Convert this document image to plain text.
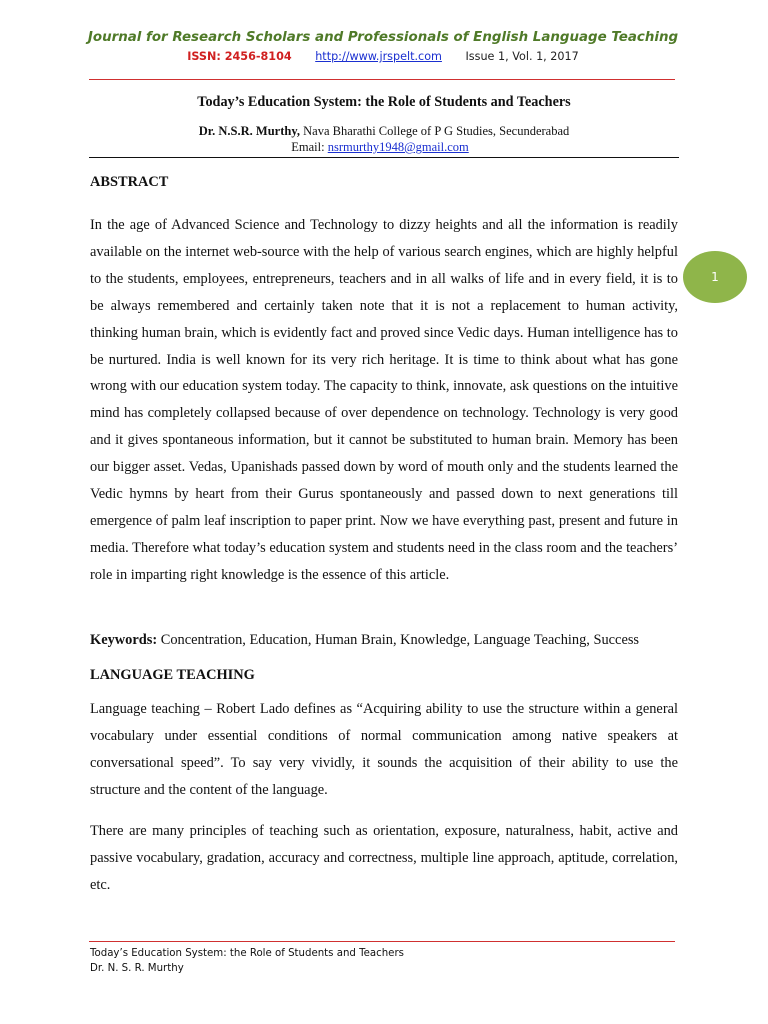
Journal for Research Scholars and Professionals of English Language Teaching
ISSN: 2456-8104 http://www.jrspelt.com Issue 1, Vol. 1, 2017
Today’s Education System: the Role of Students and Teachers
Dr. N.S.R. Murthy, Nava Bharathi College of P G Studies, Secunderabad
Email: nsrmurthy1948@gmail.com
ABSTRACT
In the age of Advanced Science and Technology to dizzy heights and all the information is readily available on the internet web-source with the help of various search engines, which are highly helpful to the students, employees, entrepreneurs, teachers and in all walks of life and in every field, it is to be always remembered and certainly taken note that it is not a replacement to human activity, thinking human brain, which is evidently fact and proved since Vedic days. Human intelligence has to be nurtured. India is well known for its very rich heritage. It is time to think about what has gone wrong with our education system today. The capacity to think, innovate, ask questions on the intuitive mind has completely collapsed because of over dependence on technology. Technology is very good and it gives spontaneous information, but it cannot be substituted to human brain. Memory has been our bigger asset. Vedas, Upanishads passed down by word of mouth only and the students learned the Vedic hymns by heart from their Gurus spontaneously and passed down to next generations till emergence of palm leaf inscription to paper print. Now we have everything past, present and future in media. Therefore what today’s education system and students need in the class room and the teachers’ role in imparting right knowledge is the essence of this article.
Keywords: Concentration, Education, Human Brain, Knowledge, Language Teaching, Success
LANGUAGE TEACHING
Language teaching – Robert Lado defines as “Acquiring ability to use the structure within a general vocabulary under essential conditions of normal communication among native speakers at conversational speed”. To say very vividly, it sounds the acquisition of their ability to use the structure and the content of the language.
There are many principles of teaching such as orientation, exposure, naturalness, habit, active and passive vocabulary, gradation, accuracy and correctness, multiple line approach, aptitude, correlation, etc.
1
Today’s Education System: the Role of Students and Teachers
Dr. N. S. R. Murthy
